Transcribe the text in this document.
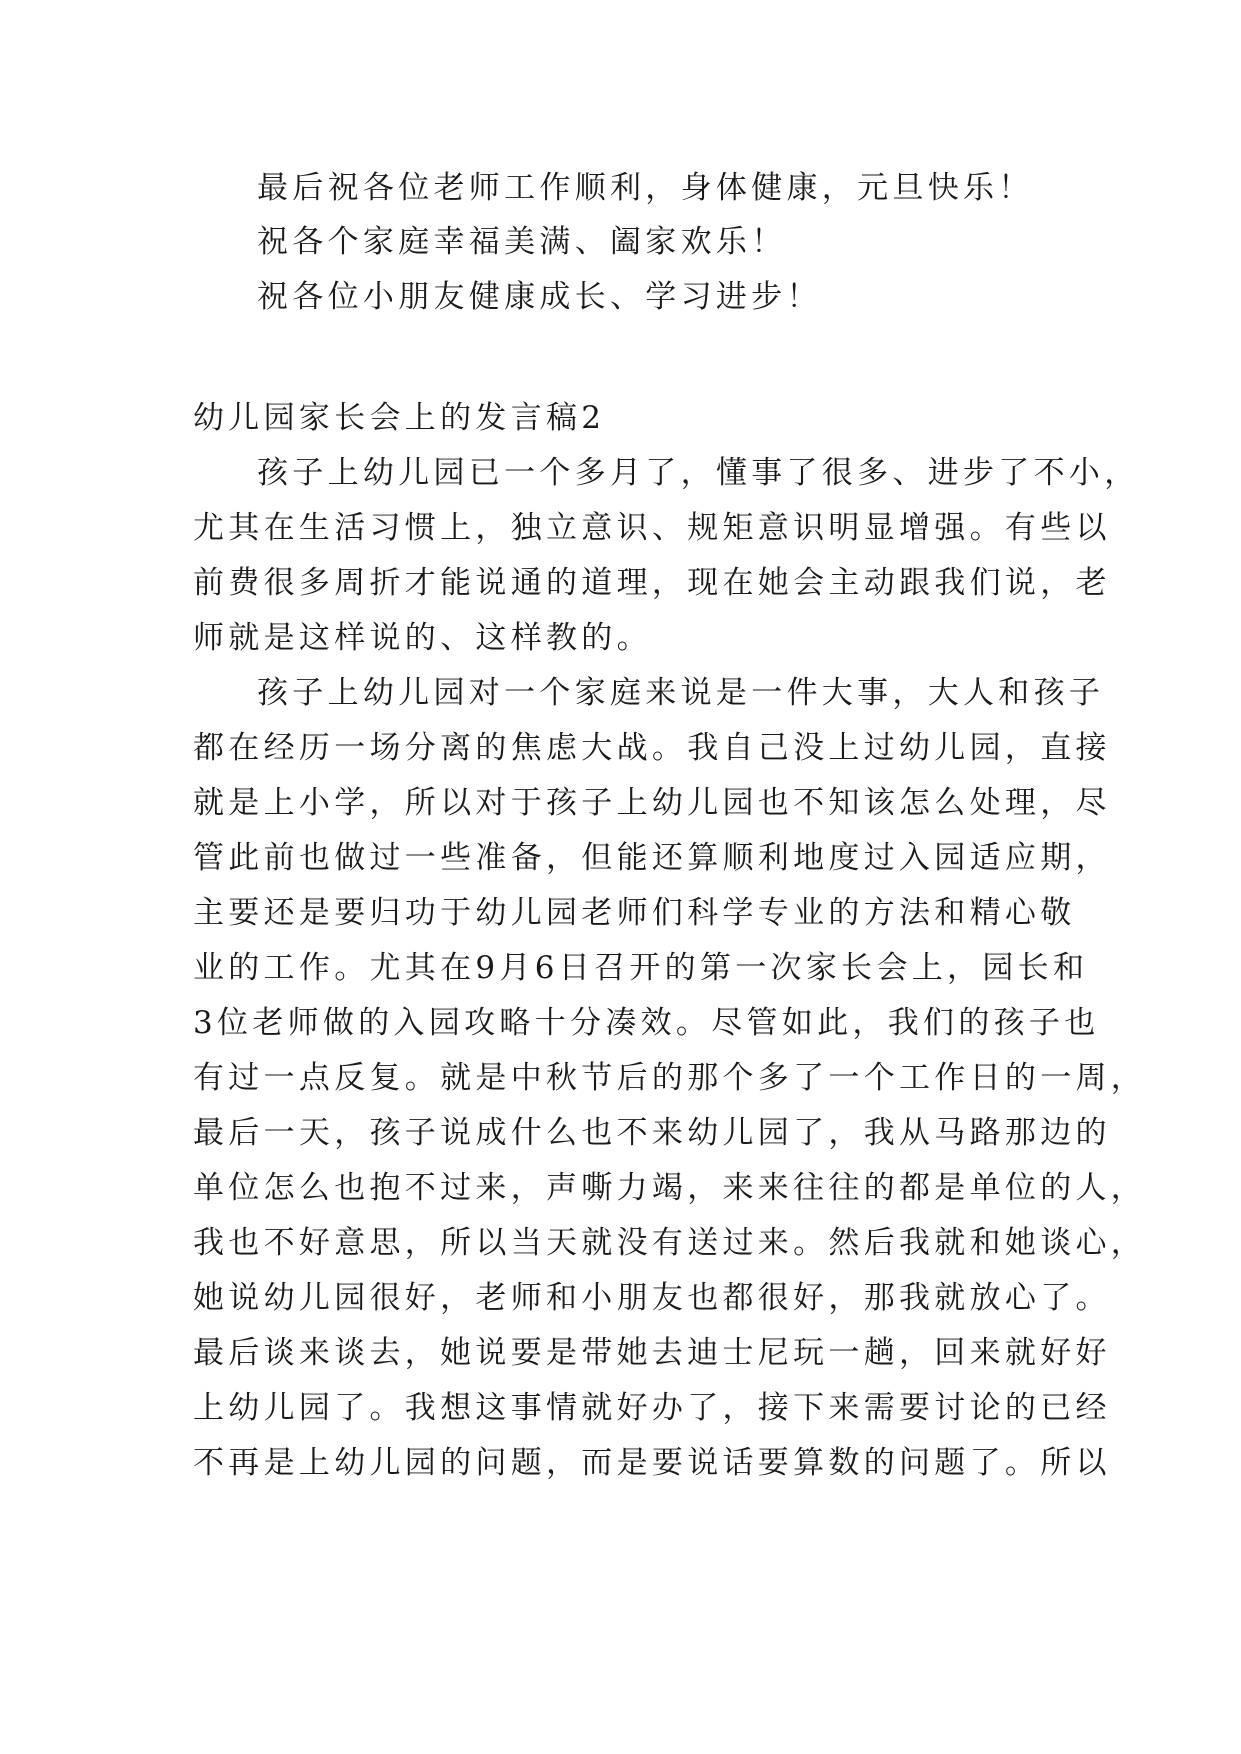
最后祝各位老师工作顺利，身体健康，元旦快乐！
祝各个家庭幸福美满、阖家欢乐！
祝各位小朋友健康成长、学习进步！
幼儿园家长会上的发言稿2
孩子上幼儿园已一个多月了，懂事了很多、进步了不小，
尤其在生活习惯上，独立意识、规矩意识明显增强。有些以
前费很多周折才能说通的道理，现在她会主动跟我们说，老
师就是这样说的、这样教的。
孩子上幼儿园对一个家庭来说是一件大事，大人和孩子
都在经历一场分离的焦虑大战。我自己没上过幼儿园，直接
就是上小学，所以对于孩子上幼儿园也不知该怎么处理，尽
管此前也做过一些准备，但能还算顺利地度过入园适应期，
主要还是要归功于幼儿园老师们科学专业的方法和精心敬
业的工作。尤其在9月6日召开的第一次家长会上，园长和
3位老师做的入园攻略十分凑效。尽管如此，我们的孩子也
有过一点反复。就是中秋节后的那个多了一个工作日的一周，
最后一天，孩子说成什么也不来幼儿园了，我从马路那边的
单位怎么也抱不过来，声嘶力竭，来来往往的都是单位的人，
我也不好意思，所以当天就没有送过来。然后我就和她谈心，
她说幼儿园很好，老师和小朋友也都很好，那我就放心了。
最后谈来谈去，她说要是带她去迪士尼玩一趟，回来就好好
上幼儿园了。我想这事情就好办了，接下来需要讨论的已经
不再是上幼儿园的问题，而是要说话要算数的问题了。所以
